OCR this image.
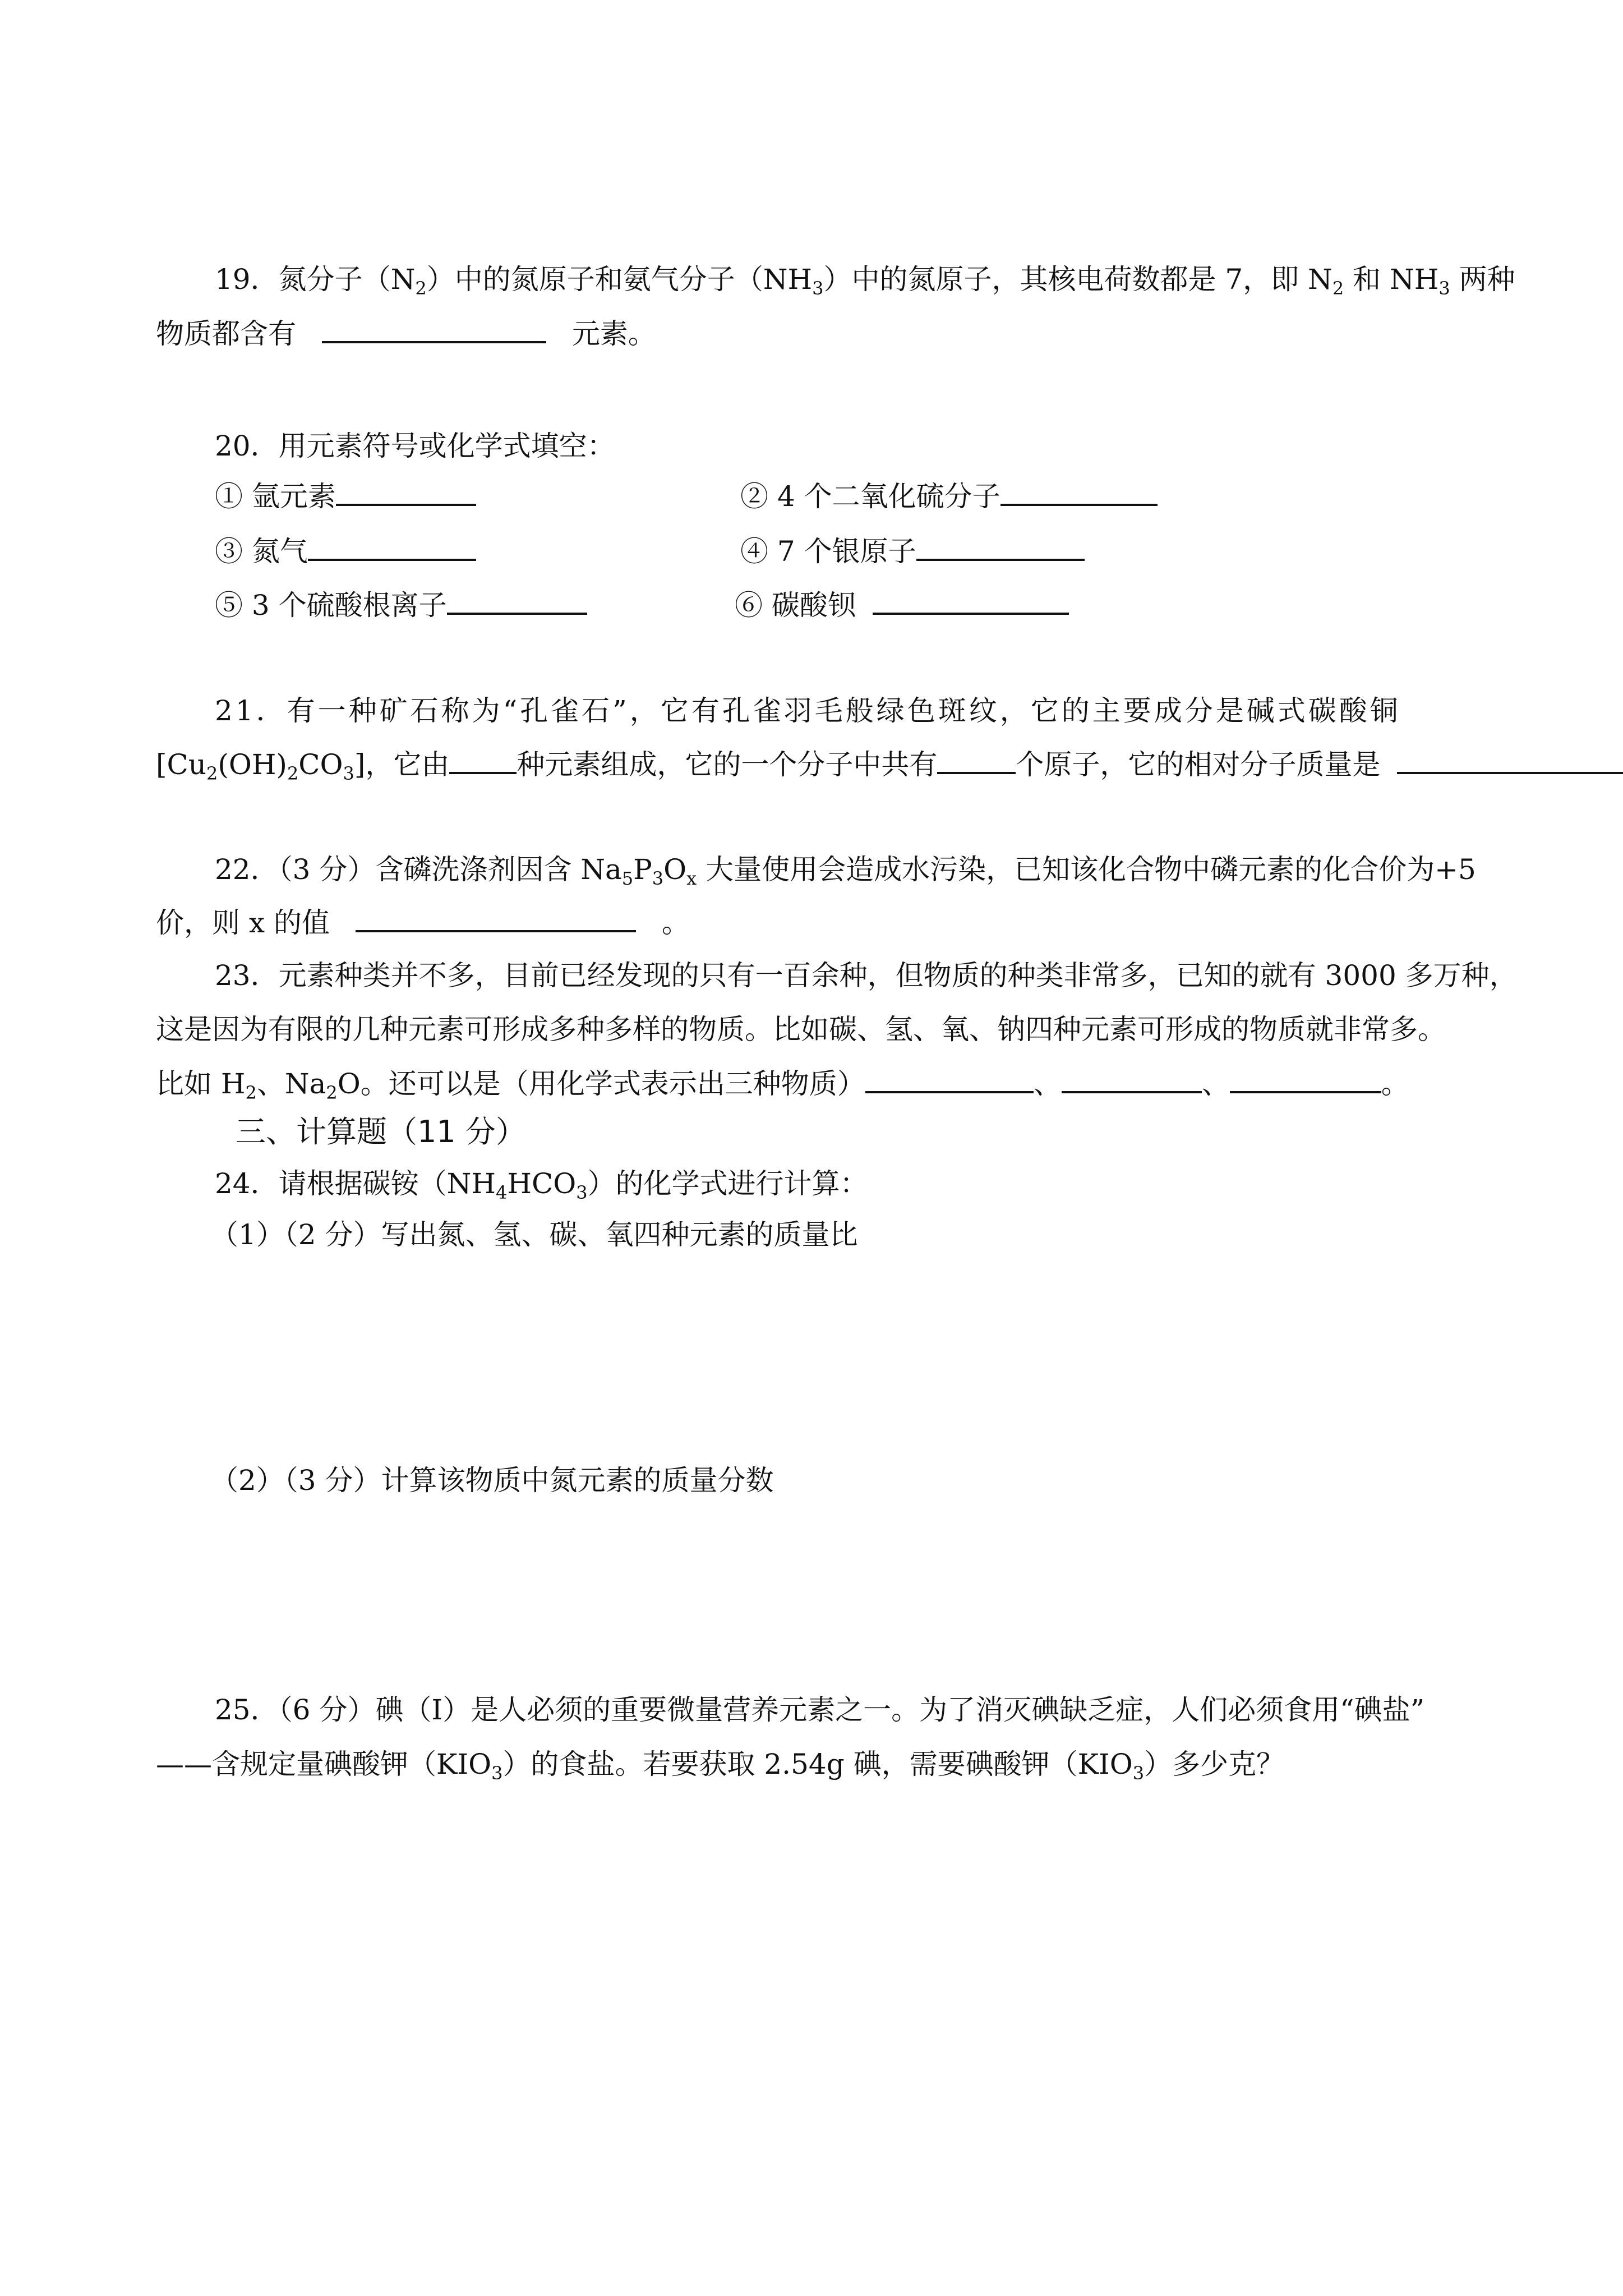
19．氮分子$(N_2)$中的氮原子和氨气分子$(NH_3)$中的氮原子，其核电荷数都是 7，即 $N_2$ 和 $NH_3$ 两种
物质都含有	元素。
20．用元素符号或化学式填空：
① 氩元素	② 4 个二氧化硫分子
③ 氮气	④ 7 个银原子
⑤ 3 个硫酸根离子	⑥ 碳酸钡
21．有一种矿石称为“孔雀石”，它有孔雀羽毛般绿色斑纹，它的主要成分是碱式碳酸铜
$[Cu_2(OH)_2CO_3]$，它由 种元素组成，它的一个分子中共有	个原子，它的相对分子质量是
22．（3 分）含磷洗涤剂因含 $Na_5P_3O_x$ 大量使用会造成水污染，已知该化合物中磷元素的化合价为+5
价，则 x 的值	。
23．元素种类并不多，目前已经发现的只有一百余种，但物质的种类非常多，已知的就有 3000 多万种，
这是因为有限的几种元素可形成多种多样的物质。比如碳、氢、氧、钠四种元素可形成的物质就非常多。
比如 $H_2$、$Na_2O$。还可以是（用化学式表示出三种物质）	、	、	。
三、计算题（11 分）
24．请根据碳铵$(NH_4HCO_3)$的化学式进行计算：
（1）（2 分）写出氮、氢、碳、氧四种元素的质量比
（2）（3 分）计算该物质中氮元素的质量分数
25．（6 分）碘（I）是人必须的重要微量营养元素之一。为了消灭碘缺乏症，人们必须食用“碘盐”
——含规定量碘酸钾$(KIO_3)$的食盐。若要获取 2.54g 碘，需要碘酸钾$(KIO_3)$多少克？
